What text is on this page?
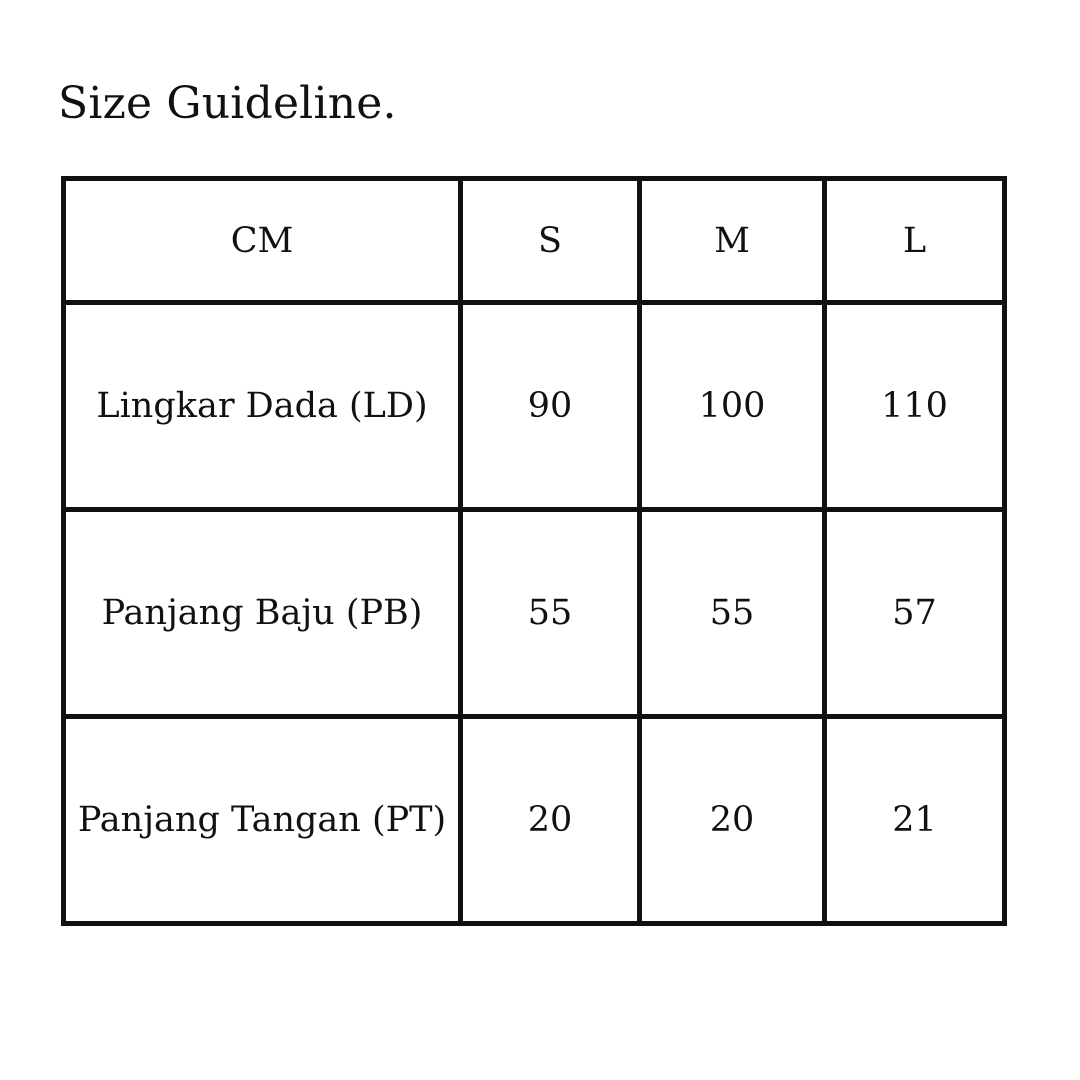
Size Guideline.
CM	S	M	L
Lingkar Dada (LD)	90	100	110
Panjang Baju (PB)	55	55	57
Panjang Tangan (PT)	20	20	21
